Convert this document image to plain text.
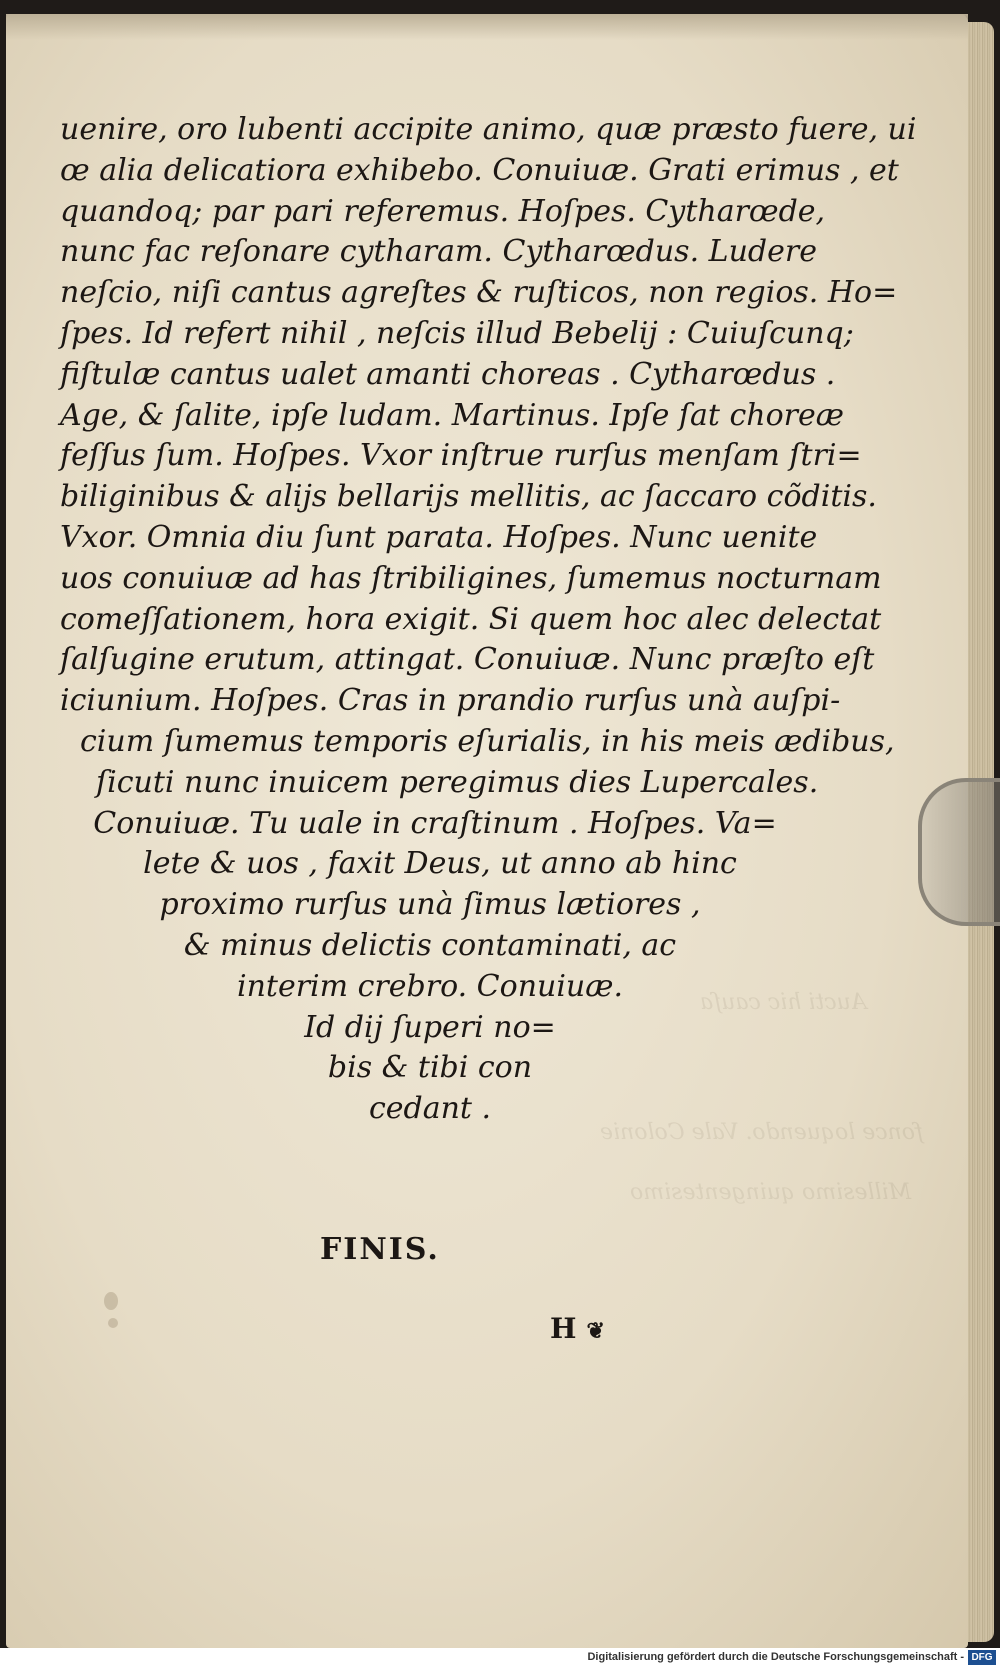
Aucti hic cauſa
fonce loquendo. Vale Colonie
Millesimo quingentesimo
uenire, oro lubenti accipite animo, quæ præsto fuere, ui
œ alia delicatiora exhibebo. Conuiuæ. Grati erimus , et
quandoq; par pari referemus. Hoſpes. Cytharœde,
nunc fac reſonare cytharam. Cytharœdus. Ludere
neſcio, niſi cantus agreſtes & ruſticos, non regios. Ho=
ſpes. Id refert nihil , neſcis illud Bebelij : Cuiuſcunq;
fiſtulæ cantus ualet amanti choreas . Cytharœdus .
Age, & ſalite, ipſe ludam. Martinus. Ipſe ſat choreæ
feſſus ſum. Hoſpes. Vxor inſtrue rurſus menſam ſtri=
biliginibus & alijs bellarijs mellitis, ac ſaccaro cõditis.
Vxor. Omnia diu ſunt parata. Hoſpes. Nunc uenite
uos conuiuæ ad has ſtribiligines, ſumemus nocturnam
comeſſationem, hora exigit. Si quem hoc alec delectat
ſalſugine erutum, attingat. Conuiuæ. Nunc præſto eſt
iciunium. Hoſpes. Cras in prandio rurſus unà auſpi-
cium ſumemus temporis eſurialis, in his meis ædibus,
ſicuti nunc inuicem peregimus dies Lupercales.
Conuiuæ. Tu uale in craſtinum . Hoſpes. Va=
lete & uos , faxit Deus, ut anno ab hinc
proximo rurſus unà ſimus lætiores ,
& minus delictis contaminati, ac
interim crebro. Conuiuæ.
Id dij ſuperi no=
bis & tibi con
cedant .
FINIS.
H ❦
Digitalisierung gefördert durch die Deutsche Forschungsgemeinschaft - DFG
